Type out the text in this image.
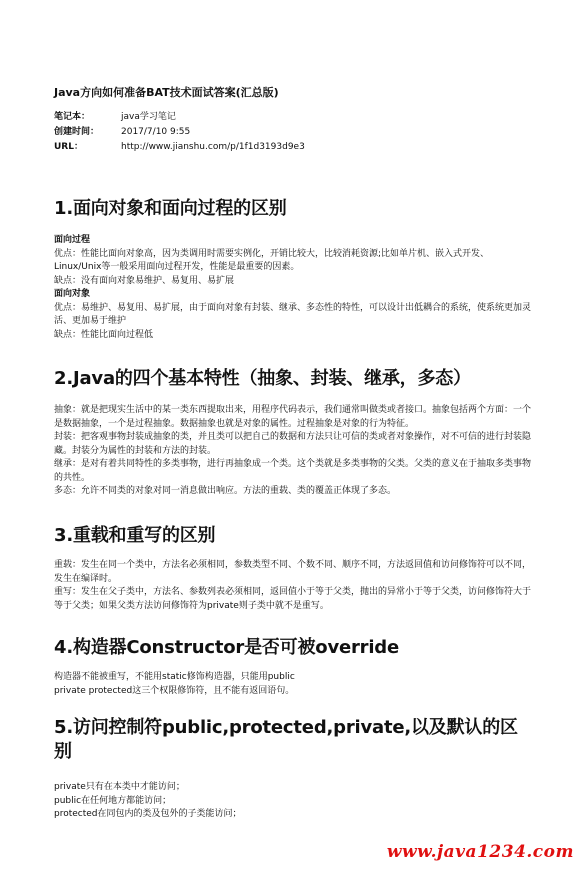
Java方向如何准备BAT技术面试答案(汇总版)
笔记本：	java学习笔记
创建时间：	2017/7/10 9:55
URL：	http://www.jianshu.com/p/1f1d3193d9e3
1.面向对象和面向过程的区别

面向过程

优点：性能比面向对象高，因为类调用时需要实例化，开销比较大，比较消耗资源;比如单片机、嵌入式开发、Linux/Unix等一般采用面向过程开发，性能是最重要的因素。

缺点：没有面向对象易维护、易复用、易扩展

面向对象

优点：易维护、易复用、易扩展，由于面向对象有封装、继承、多态性的特性，可以设计出低耦合的系统，使系统更加灵活、更加易于维护

缺点：性能比面向过程低

2.Java的四个基本特性（抽象、封装、继承，多态）

抽象：就是把现实生活中的某一类东西提取出来，用程序代码表示，我们通常叫做类或者接口。抽象包括两个方面：一个是数据抽象，一个是过程抽象。数据抽象也就是对象的属性。过程抽象是对象的行为特征。

封装：把客观事物封装成抽象的类，并且类可以把自己的数据和方法只让可信的类或者对象操作，对不可信的进行封装隐藏。封装分为属性的封装和方法的封装。

继承：是对有着共同特性的多类事物，进行再抽象成一个类。这个类就是多类事物的父类。父类的意义在于抽取多类事物的共性。

多态：允许不同类的对象对同一消息做出响应。方法的重载、类的覆盖正体现了多态。

3.重载和重写的区别

重载：发生在同一个类中，方法名必须相同，参数类型不同、个数不同、顺序不同，方法返回值和访问修饰符可以不同，发生在编译时。

重写：发生在父子类中，方法名、参数列表必须相同，返回值小于等于父类，抛出的异常小于等于父类，访问修饰符大于等于父类；如果父类方法访问修饰符为private则子类中就不是重写。

4.构造器Constructor是否可被override

构造器不能被重写，不能用static修饰构造器，只能用public

private protected这三个权限修饰符，且不能有返回语句。

5.访问控制符public,protected,private,以及默认的区别

private只有在本类中才能访问；

public在任何地方都能访问；

protected在同包内的类及包外的子类能访问；

www.java1234.com
